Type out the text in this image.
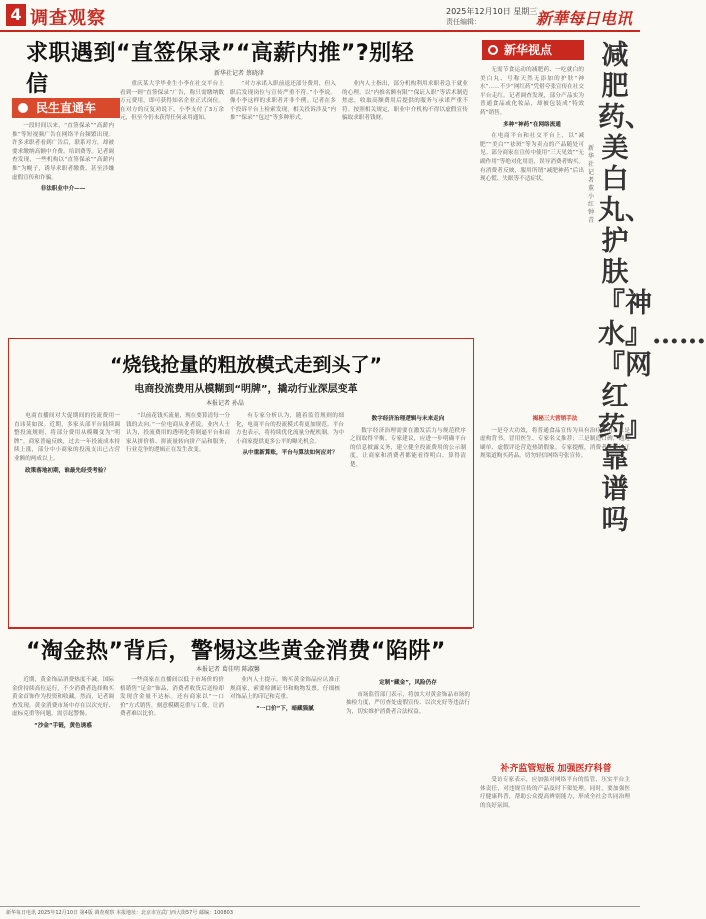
4 调查观察	2025年12月10日 星期三
责任编辑：	新華每日电讯
求职遇到“直签保录”“高薪内推”?别轻信	新华社记者 蔡晓津
民生直通车

一段时间以来，“直签保录”“高薪内推”等短视频广告在网络平台频繁出现。许多求职者看到广告后，联系对方，却被要求缴纳高额中介费、培训费等。记者调查发现，一些机构以“直签保录”“高薪内推”为幌子，诱导求职者缴费，甚至涉嫌虚假宣传和诈骗。

非法职业中介——

重庆某大学毕业生小李在社交平台上看到一则“直签保录”广告，称只需缴纳数万元费用，即可获得知名企业正式岗位。在对方的反复劝说下，小李支付了3万余元，但至今仍未获得任何录用通知。

“对方承诺入职前退还部分费用，但入职后发现岗位与宣传严重不符。”小李说。像小李这样的求职者并非个例。记者在多个投诉平台上检索发现，相关投诉涉及“内推”“保录”“包过”等多种形式。

业内人士指出，部分机构利用求职者急于就业的心理，以“内推名额有限”“保证入职”等话术制造焦虑，收取高额费用后提供的服务与承诺严重不符。按照相关规定，职业中介机构不得以虚假宣传骗取求职者钱财。

“烧钱抢量的粗放模式走到头了”
电商投流费用从模糊到“明牌”，撬动行业深层变革
本报记者 孙晶

电商直播间对大促期间的投流费用一直讳莫如深。近期，多家头部平台陆续调整投流规则，将部分费用从模糊变为“明牌”。商家普遍反映，过去一年投流成本持续上涨，部分中小商家的投流支出已占营业额的两成以上。

政策落地初期，谁最先经受考验？

“以前花钱买流量，现在要算清每一分钱的去向。”一位电商从业者说。业内人士认为，投流费用的透明化将倒逼平台和商家从拼价格、拼流量转向拼产品和服务，行业竞争的逻辑正在发生改变。

有专家分析认为，随着监管规则的细化，电商平台的投流模式将更加规范。平台方也表示，将持续优化流量分配机制，为中小商家提供更多公平的曝光机会。

从中重新算账，平台与算法如何应对？

数字经济治理逻辑与未来走向

数字经济治理需要在激发活力与规范秩序之间取得平衡。专家建议，应进一步明确平台的信息披露义务，建立健全投流费用的公示制度，让商家和消费者都能看得明白、算得清楚。

新华视点	减肥药、美白丸、护肤『神水』……『网红药』靠谱吗
新华社记者 董小红 钟 青

无需节食运动的减肥药、一吃就白的美白丸、号称天然无添加的护肤“神水”……不少“网红药”凭借夸张宣传在社交平台走红。记者调查发现，部分产品实为普通食品或化妆品，却被包装成“特效药”销售。

多种“神药”在网络流通

在电商平台和社交平台上，以“减肥”“美白”“祛斑”等为卖点的产品随处可见。部分商家在宣传中使用“三天见效”“无副作用”等绝对化用语，误导消费者购买。有消费者反映，服用所谓“减肥神药”后出现心慌、失眠等不适症状。

揭秘三大营销手法

一是夸大功效，将普通食品宣传为具有治疗作用；二是虚构背书，冒用医生、专家名义推荐；三是制造口碑，通过刷单、虚假评论营造热销假象。专家提醒，消费者应通过正规渠道购买药品，切勿轻信网络夸张宣传。

补齐监管短板 加强医疗科普

受访专家表示，应加强对网络平台的监管，压实平台主体责任，对违规宣传的产品及时下架处理。同时，要加强医疗健康科普，帮助公众提高辨别能力，形成全社会共同治理的良好氛围。

“淘金热”背后，警惕这些黄金消费“陷阱”
本报记者 葛佳明 陈淑馨

近期，黄金饰品消费热度不减。国际金价持续高位运行，不少消费者选择购买黄金首饰作为投资和收藏。然而，记者调查发现，黄金消费市场中存在以次充好、虚标克重等问题，需引起警惕。

“沙金”手链，黄色诱惑

一些商家在直播间以低于市场价的价格销售“足金”饰品，消费者收货后送检却发现含金量不达标。还有商家以“一口价”方式销售，刻意模糊克重与工费，让消费者难以比价。

业内人士提示，购买黄金饰品应认准正规商家，索要检测证书和购物发票，仔细核对饰品上的印记和克重。

“一口价”下，暗藏猫腻

定制“藏金”，风险仍存

市场监管部门表示，将加大对黄金饰品市场的抽检力度，严厉查处虚假宣传、以次充好等违法行为，切实维护消费者合法权益。

新华每日电讯 2025年12月10日 第4版 调查观察 本报地址：北京市宣武门西大街57号 邮编：100803
